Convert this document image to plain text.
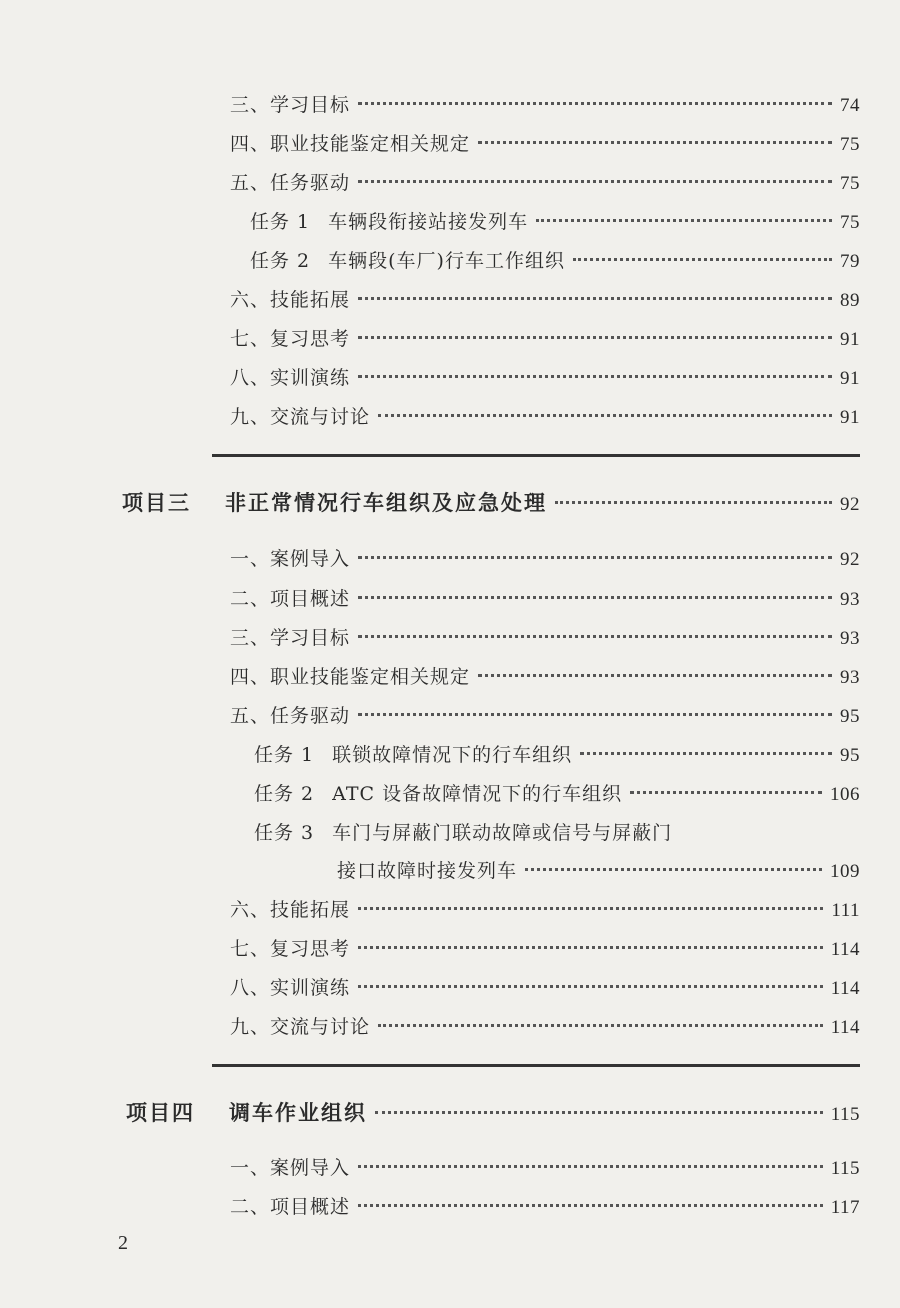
三、学习目标	74
四、职业技能鉴定相关规定	75
五、任务驱动	75
任务 1 车辆段衔接站接发列车	75
任务 2 车辆段(车厂)行车工作组织	79
六、技能拓展	89
七、复习思考	91
八、实训演练	91
九、交流与讨论	91
项目三 非正常情况行车组织及应急处理	92
一、案例导入	92
二、项目概述	93
三、学习目标	93
四、职业技能鉴定相关规定	93
五、任务驱动	95
任务 1 联锁故障情况下的行车组织	95
任务 2 ATC 设备故障情况下的行车组织	106
任务 3 车门与屏蔽门联动故障或信号与屏蔽门
接口故障时接发列车	109
六、技能拓展	111
七、复习思考	114
八、实训演练	114
九、交流与讨论	114
项目四 调车作业组织	115
一、案例导入	115
二、项目概述	117
2
